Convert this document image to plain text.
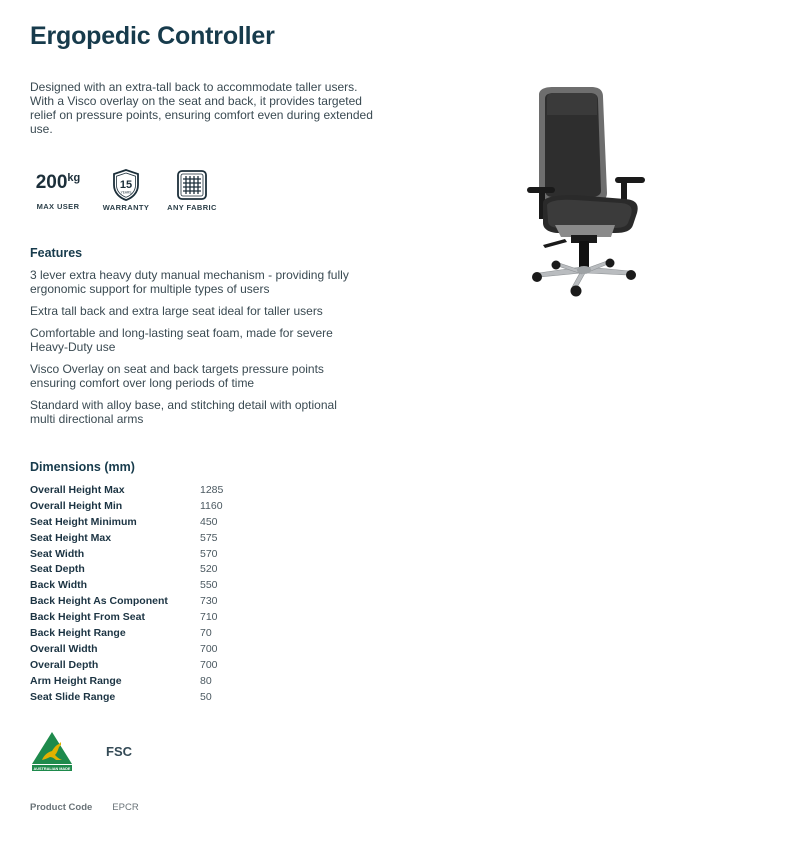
Ergopedic Controller
Designed with an extra-tall back to accommodate taller users. With a Visco overlay on the seat and back, it provides targeted relief on pressure points, ensuring comfort even during extended use.
$200^{kg}$
MAX USER
15
YEARS
WARRANTY	ANY FABRIC
Features
3 lever extra heavy duty manual mechanism - providing fully ergonomic support for multiple types of users
Extra tall back and extra large seat ideal for taller users
Comfortable and long-lasting seat foam, made for severe Heavy-Duty use
Visco Overlay on seat and back targets pressure points ensuring comfort over long periods of time
Standard with alloy base, and stitching detail with optional multi directional arms
Dimensions (mm)
Overall Height Max	1285
Overall Height Min	1160
Seat Height Minimum	450
Seat Height Max	575
Seat Width	570
Seat Depth	520
Back Width	550
Back Height As Component	730
Back Height From Seat	710
Back Height Range	70
Overall Width	700
Overall Depth	700
Arm Height Range	80
Seat Slide Range	50
AUSTRALIAN MADE
FSC
Product Code EPCR
